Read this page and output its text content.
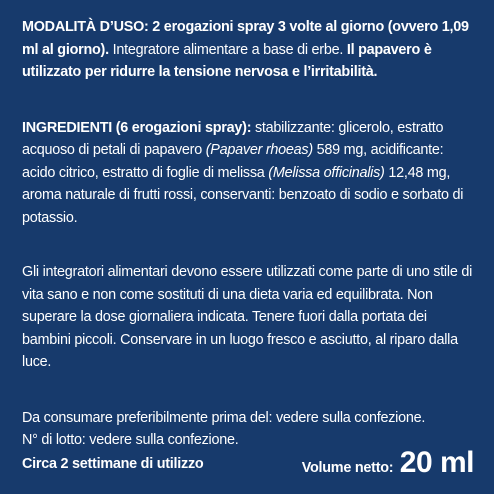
MODALITÀ D’USO: 2 erogazioni spray 3 volte al giorno (ovvero 1,09 ml al giorno). Integratore alimentare a base di erbe. Il papavero è utilizzato per ridurre la tensione nervosa e l’irritabilità.

INGREDIENTI (6 erogazioni spray): stabilizzante: glicerolo, estratto acquoso di petali di papavero (Papaver rhoeas) 589 mg, acidificante: acido citrico, estratto di foglie di melissa (Melissa officinalis) 12,48 mg, aroma naturale di frutti rossi, conservanti: benzoato di sodio e sorbato di potassio.

Gli integratori alimentari devono essere utilizzati come parte di uno stile di vita sano e non come sostituti di una dieta varia ed equilibrata. Non superare la dose giornaliera indicata. Tenere fuori dalla portata dei bambini piccoli. Conservare in un luogo fresco e asciutto, al riparo dalla luce.

Da consumare preferibilmente prima del: vedere sulla confezione.
N° di lotto: vedere sulla confezione.

Circa 2 settimane di utilizzo	Volume netto: 20 ml
